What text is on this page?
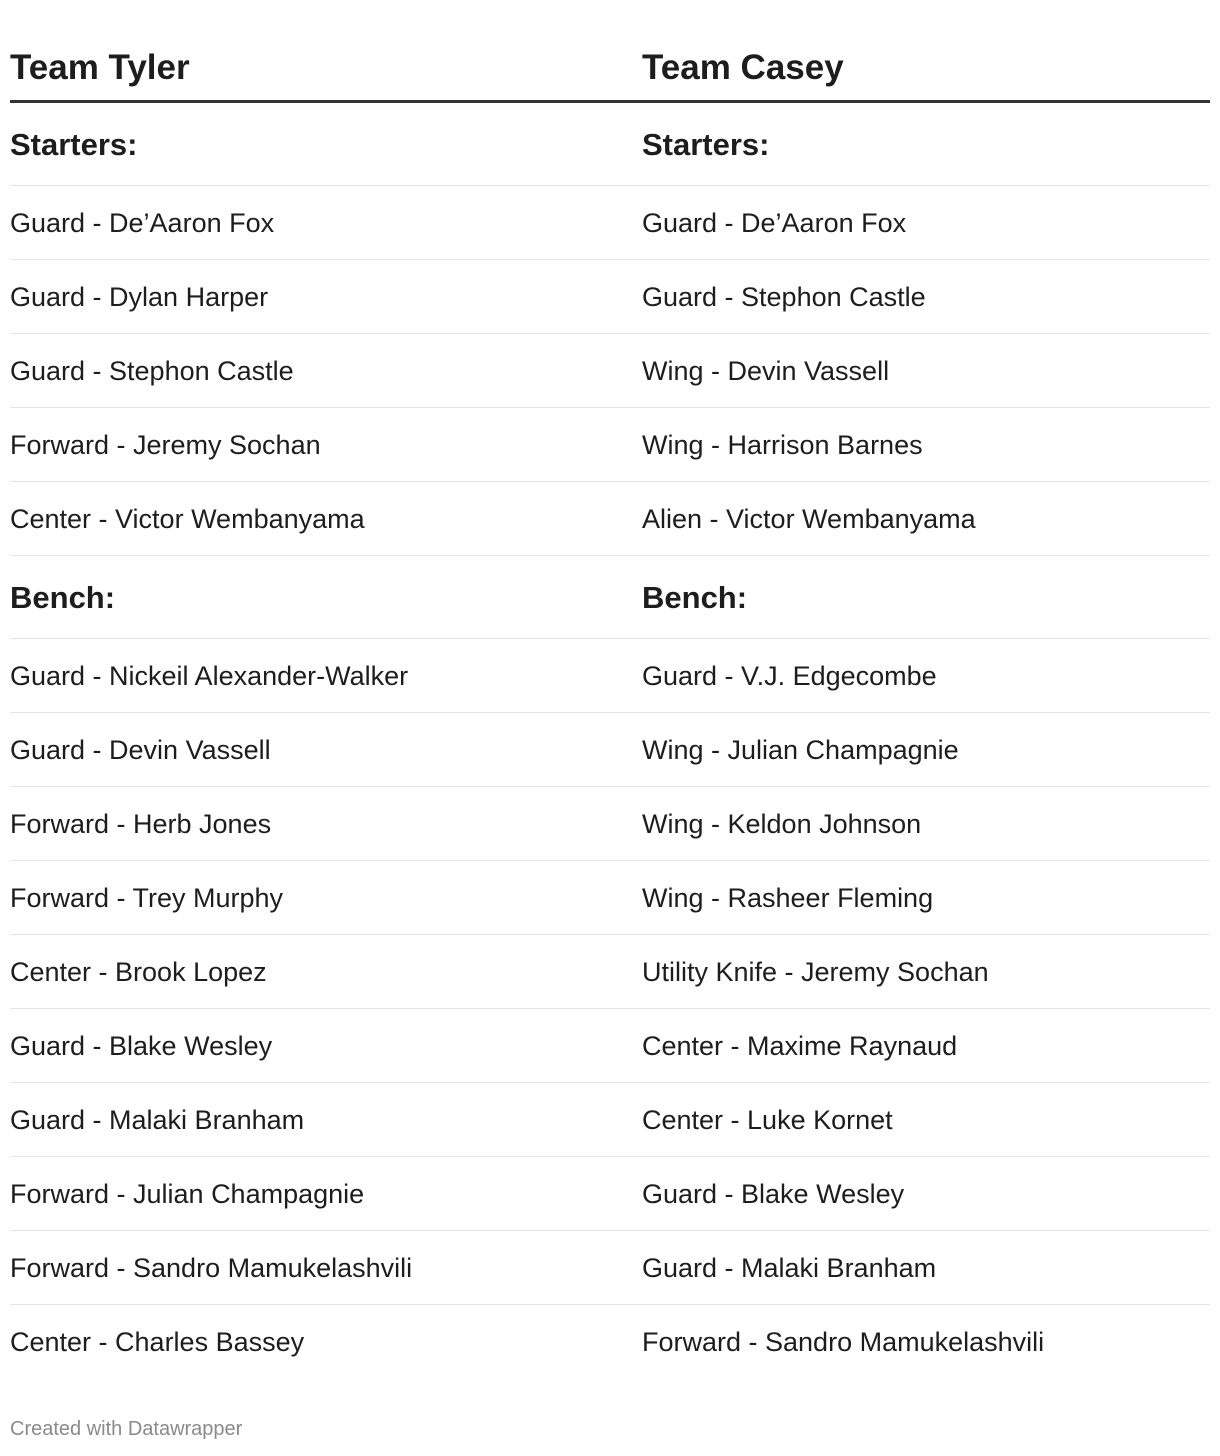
Team Tyler	Team Casey
Starters:	Starters:
Guard - De’Aaron Fox	Guard - De’Aaron Fox
Guard - Dylan Harper	Guard - Stephon Castle
Guard - Stephon Castle	Wing - Devin Vassell
Forward - Jeremy Sochan	Wing - Harrison Barnes
Center - Victor Wembanyama	Alien - Victor Wembanyama
Bench:	Bench:
Guard - Nickeil Alexander-Walker	Guard - V.J. Edgecombe
Guard - Devin Vassell	Wing - Julian Champagnie
Forward - Herb Jones	Wing - Keldon Johnson
Forward - Trey Murphy	Wing - Rasheer Fleming
Center - Brook Lopez	Utility Knife - Jeremy Sochan
Guard - Blake Wesley	Center - Maxime Raynaud
Guard - Malaki Branham	Center - Luke Kornet
Forward - Julian Champagnie	Guard - Blake Wesley
Forward - Sandro Mamukelashvili	Guard - Malaki Branham
Center - Charles Bassey	Forward - Sandro Mamukelashvili
Created with Datawrapper
